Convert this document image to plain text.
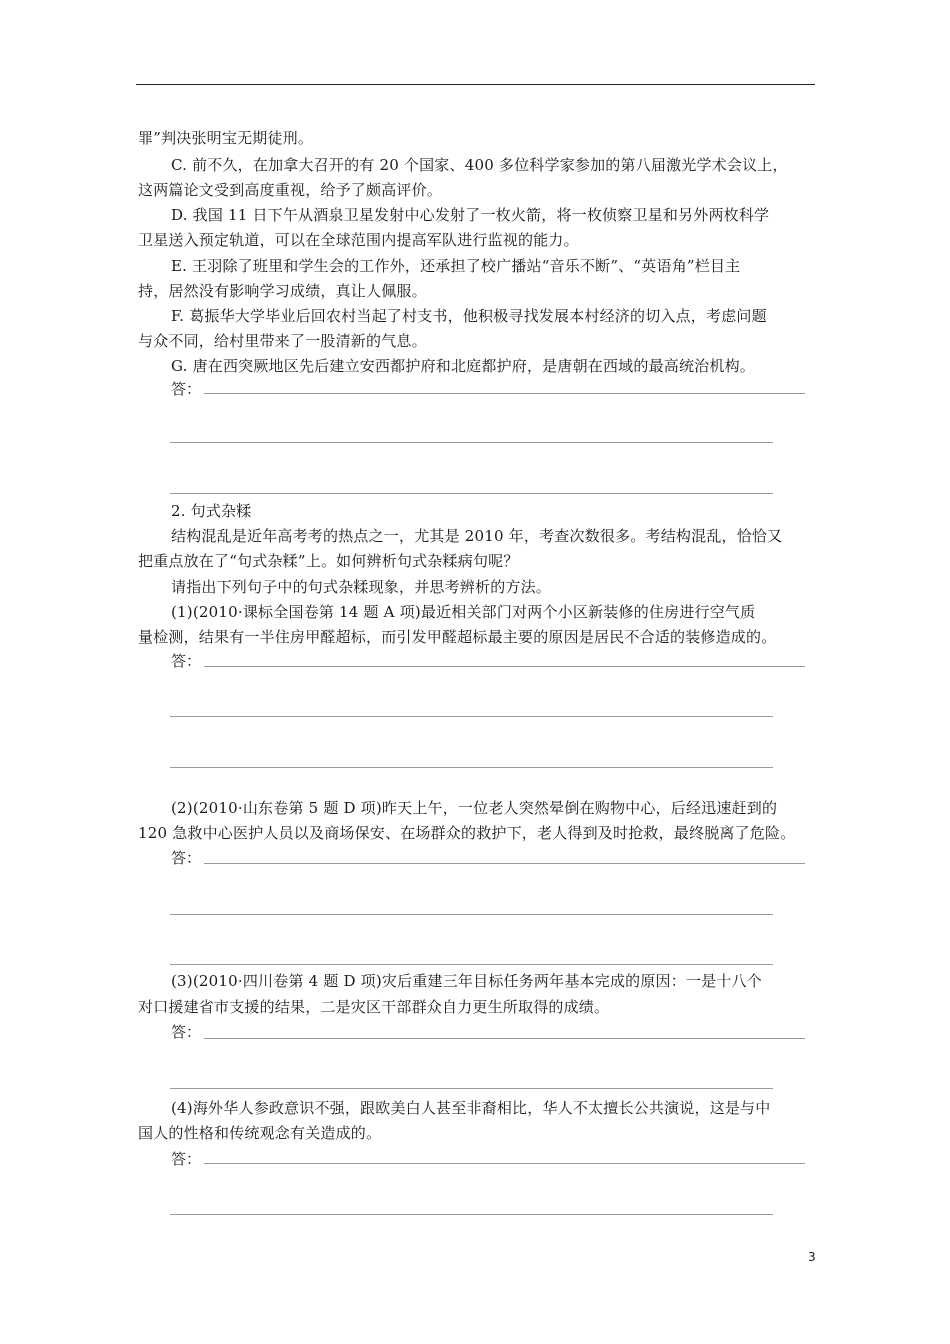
罪”判决张明宝无期徒刑。
C. 前不久，在加拿大召开的有 20 个国家、400 多位科学家参加的第八届激光学术会议上，
这两篇论文受到高度重视，给予了颇高评价。
D. 我国 11 日下午从酒泉卫星发射中心发射了一枚火箭，将一枚侦察卫星和另外两枚科学
卫星送入预定轨道，可以在全球范围内提高军队进行监视的能力。
E. 王羽除了班里和学生会的工作外，还承担了校广播站“音乐不断”、“英语角”栏目主
持，居然没有影响学习成绩，真让人佩服。
F. 葛振华大学毕业后回农村当起了村支书，他积极寻找发展本村经济的切入点，考虑问题
与众不同，给村里带来了一股清新的气息。
G. 唐在西突厥地区先后建立安西都护府和北庭都护府，是唐朝在西域的最高统治机构。
答：
2. 句式杂糅
结构混乱是近年高考考的热点之一，尤其是 2010 年，考查次数很多。考结构混乱，恰恰又
把重点放在了“句式杂糅”上。如何辨析句式杂糅病句呢？
请指出下列句子中的句式杂糅现象，并思考辨析的方法。
(1)(2010·课标全国卷第 14 题 A 项)最近相关部门对两个小区新装修的住房进行空气质
量检测，结果有一半住房甲醛超标，而引发甲醛超标最主要的原因是居民不合适的装修造成的。
答：
(2)(2010·山东卷第 5 题 D 项)昨天上午，一位老人突然晕倒在购物中心，后经迅速赶到的
120 急救中心医护人员以及商场保安、在场群众的救护下，老人得到及时抢救，最终脱离了危险。
答：
(3)(2010·四川卷第 4 题 D 项)灾后重建三年目标任务两年基本完成的原因：一是十八个
对口援建省市支援的结果，二是灾区干部群众自力更生所取得的成绩。
答：
(4)海外华人参政意识不强，跟欧美白人甚至非裔相比，华人不太擅长公共演说，这是与中
国人的性格和传统观念有关造成的。
答：
3
